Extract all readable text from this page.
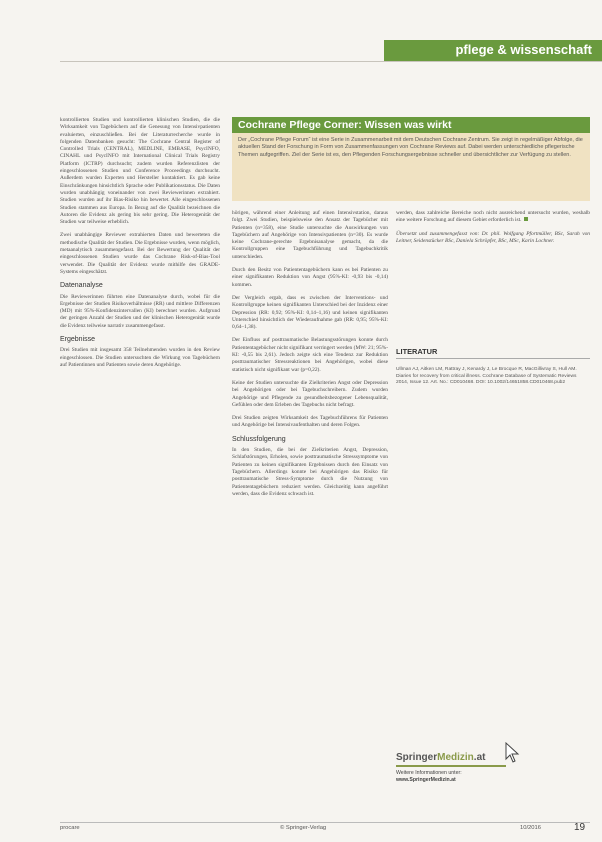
pflege & wissenschaft

kontrollierten Studien und kontrollierten klinischen Studien, die die Wirksamkeit von Tagebüchern auf die Genesung von Intensivpatienten evaluierten, einzuschließen. Bei der Literaturrecherche wurde in folgenden Datenbanken gesucht: The Cochrane Central Register of Controlled Trials (CENTRAL), MEDLINE, EMBASE, PsycINFO, CINAHL und PsycINFO mit International Clinical Trials Registry Platform (ICTRP) durchsucht; zudem wurden Referenzlisten der eingeschlossenen Studien und Conference Proceedings durchsucht. Außerdem wurden Experten und Hersteller kontaktiert. Es gab keine Einschränkungen hinsichtlich Sprache oder Publikationsstatus. Die Daten wurden unabhängig voneinander von zwei Reviewerinnen extrahiert. Studien wurden auf ihr Bias-Risiko hin bewertet. Alle eingeschlossenen Studien stammen aus Europa. In Bezug auf die Qualität bezeichnen die Autoren die Evidenz als gering bis sehr gering. Die Heterogenität der Studien war teilweise erheblich.

Zwei unabhängige Reviewer extrahierten Daten und bewerteten die methodische Qualität der Studien. Die Ergebnisse wurden, wenn möglich, metaanalytisch zusammengefasst. Bei der Bewertung der Qualität der eingeschlossenen Studien wurde das Cochrane Risk-of-Bias-Tool verwendet. Die Qualität der Evidenz wurde mithilfe des GRADE-Systems eingeschätzt.

Datenanalyse

Die Reviewerinnen führten eine Datenanalyse durch, wobei für die Ergebnisse der Studien Risikoverhältnisse (RR) und mittlere Differenzen (MD) mit 95%-Konfidenzintervallen (KI) berechnet wurden. Aufgrund der geringen Anzahl der Studien und der klinischen Heterogenität wurde die Evidenz teilweise narrativ zusammengefasst.

Ergebnisse

Drei Studien mit insgesamt 358 Teilnehmenden wurden in den Review eingeschlossen. Die Studien untersuchten die Wirkung von Tagebüchern auf Patientinnen und Patienten sowie deren Angehörige.

Cochrane Pflege Corner: Wissen was wirkt
Der „Cochrane Pflege Forum“ ist eine Serie in Zusammenarbeit mit dem Deutschen Cochrane Zentrum. Sie zeigt in regelmäßiger Abfolge, die aktuellen Stand der Forschung in Form von Zusammenfassungen von Cochrane Reviews auf. Dabei werden unterschiedliche pflegerische Themen aufgegriffen. Ziel der Serie ist es, den Pflegenden Forschungsergebnisse schneller und übersichtlicher zur Verfügung zu stellen.

hörigen, während einer Anleitung auf einen Intensivstation, daraus folgt. Zwei Studien, beispielsweise den Ansatz der Tagebücher mit Patienten (n=358), eine Studie untersuchte die Auswirkungen von Tagebüchern auf Angehörige von Intensivpatienten (n=30). Es wurde keine Cochrane-gerechte Ergebnisanalyse gemacht, da die Kontrollgruppen eine Tagebuchführung und Tagebuchkritik unterschieden.

Durch den Besitz von Patiententagebüchern kann es bei Patienten zu einer signifikanten Reduktion von Angst (95%-KI: -0,93 bis -0,14) kommen.

Der Vergleich ergab, dass es zwischen der Interventions- und Kontrollgruppe keinen signifikanten Unterschied bei der Inzidenz einer Depression (RR: 0,92; 95%-KI: 0,14–1,16) und keinen signifikanten Unterschied hinsichtlich der Wiederaufnahme gab (RR: 0,95; 95%-KI: 0,64–1,38).

Der Einfluss auf posttraumatische Belastungsstörungen konnte durch Patiententagebücher nicht signifikant verringert werden (MW: 21; 95%-KI: -0,55 bis 2,61). Jedoch zeigte sich eine Tendenz zur Reduktion posttraumatischer Stressreaktionen bei Angehörigen, wobei diese statistisch nicht signifikant war (p=0,22).

Keine der Studien untersuchte die Zielkriterien Angst oder Depression bei Angehörigen oder bei Tagebuchschreibern. Zudem wurden Angehörige und Pflegende zu gesundheitsbezogener Lebensqualität, Gefühlen oder dem Erleben des Tagebuchs nicht befragt.

Drei Studien zeigten Wirksamkeit des Tagebuchführens für Patienten und Angehörige bei Intensivaufenthalten und deren Folgen.

Schlussfolgerung

In den Studien, die bei der Zielkriterien Angst, Depression, Schlafstörungen, Erholen, sowie posttraumatische Stresssymptome von Patienten zu keinen signifikanten Ergebnissen durch den Einsatz von Tagebüchern. Allerdings konnte bei Angehörigen das Risiko für posttraumatische Stress-Symptome durch die Nutzung von Patiententagebüchern reduziert werden. Gleichzeitig kann angeführt werden, dass die Evidenz schwach ist.

werden, dass zahlreiche Bereiche noch nicht ausreichend untersucht wurden, weshalb eine weitere Forschung auf diesem Gebiet erforderlich ist.

Übersetzt und zusammengefasst von: Dr. phil. Wolfgang Pfortmüller, BSc, Sarah von Leitner, Seidenstücker BSc, Daniela Schröpfer, BSc, MSc, Karin Lochner.

LITERATUR
Ullman AJ, Aitken LM, Rattray J, Kenardy J, Le Brocque R, MacGillivray S, Hull AM. Diaries for recovery from critical illness. Cochrane Database of Systematic Reviews 2014, Issue 12. Art. No.: CD010468. DOI: 10.1002/14651858.CD010468.pub2
SpringerMedizin.at
Weitere Informationen unter:
www.SpringerMedizin.at
procare	© Springer-Verlag	10/2016	19
